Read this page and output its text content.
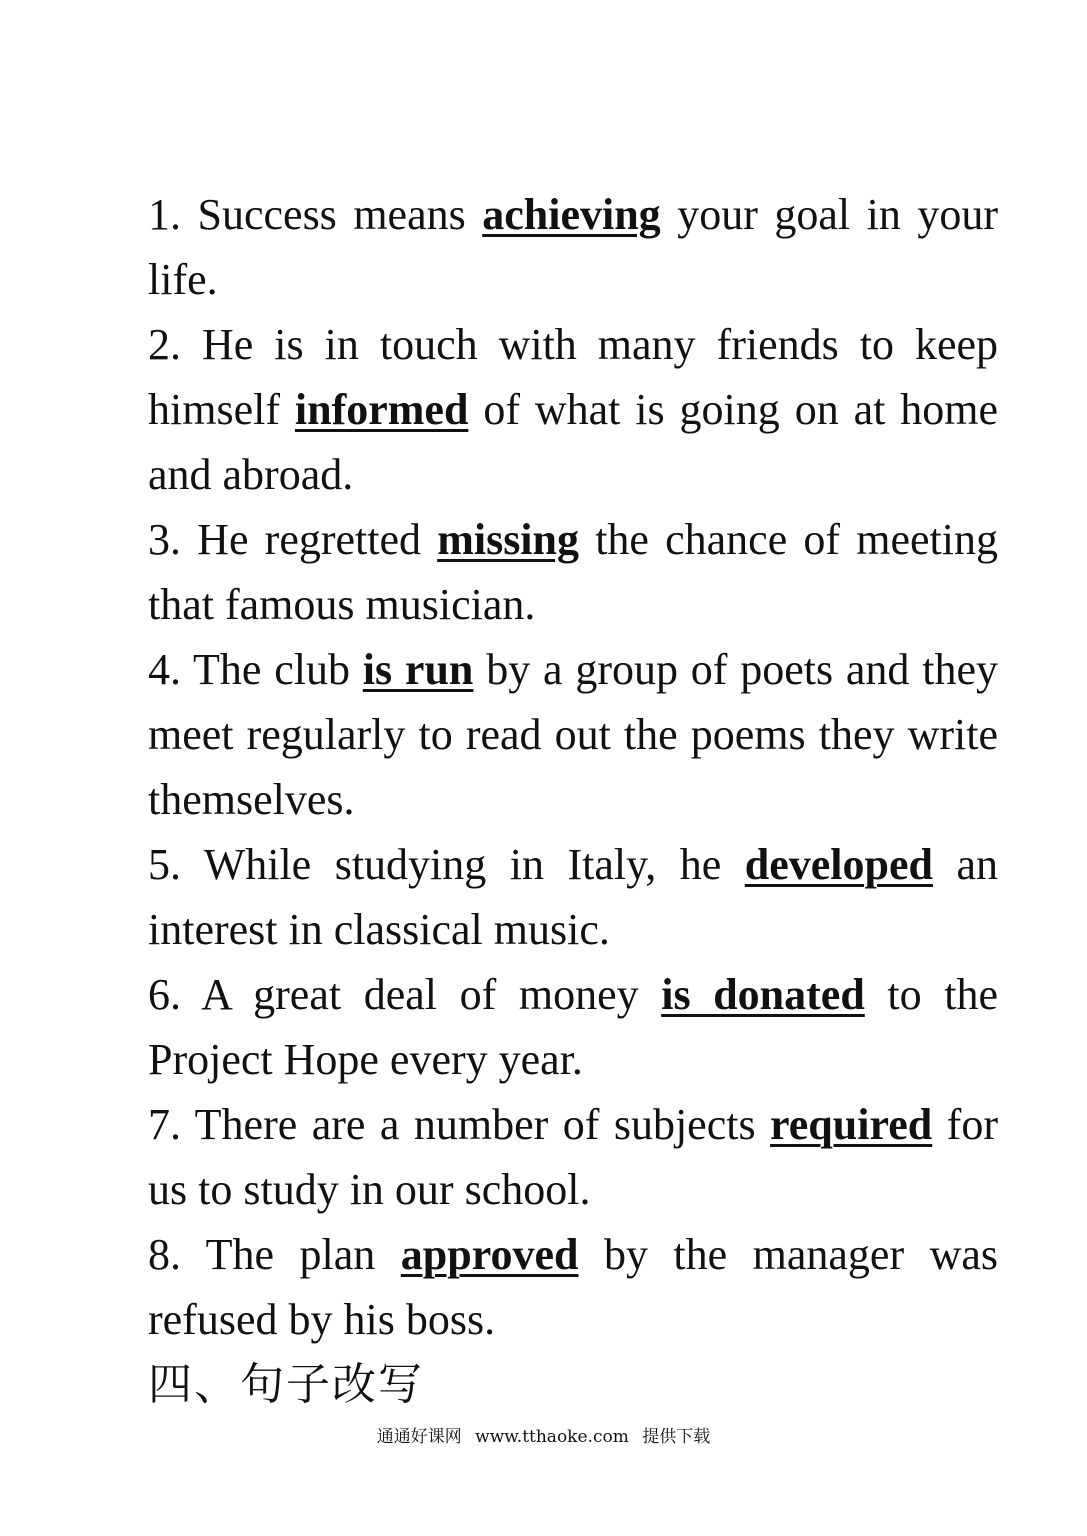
1. Success means achieving your goal in your life.

2. He is in touch with many friends to keep himself informed of what is going on at home and abroad.

3. He regretted missing the chance of meeting that famous musician.

4. The club is run by a group of poets and they meet regularly to read out the poems they write themselves.

5. While studying in Italy, he developed an interest in classical music.

6. A great deal of money is donated to the Project Hope every year.

7. There are a number of subjects required for us to study in our school.

8. The plan approved by the manager was refused by his boss.

四、句子改写

通通好课网 www.tthaoke.com 提供下载
